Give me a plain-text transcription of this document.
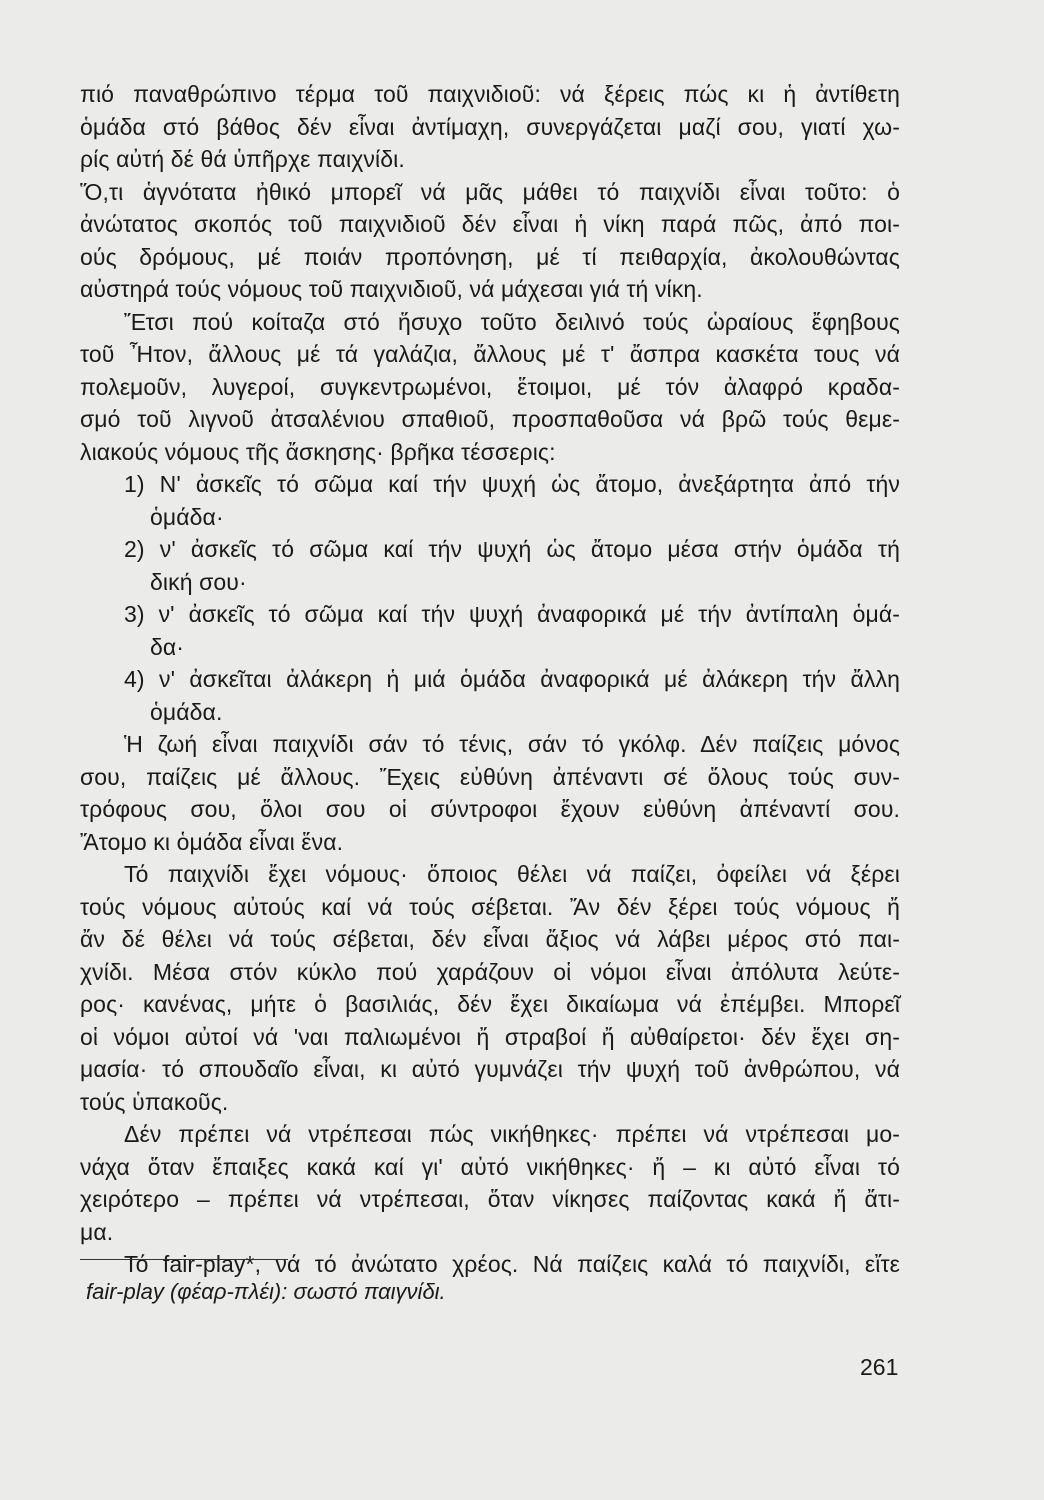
πιό παναθρώπινο τέρμα τοῦ παιχνιδιοῦ: νά ξέρεις πώς κι ἡ ἀντίθετη
ὁμάδα στό βάθος δέν εἶναι ἀντίμαχη, συνεργάζεται μαζί σου, γιατί χω-
ρίς αὐτή δέ θά ὑπῆρχε παιχνίδι.
Ὅ,τι ἁγνότατα ἠθικό μπορεῖ νά μᾶς μάθει τό παιχνίδι εἶναι τοῦτο: ὁ
ἀνώτατος σκοπός τοῦ παιχνιδιοῦ δέν εἶναι ἡ νίκη παρά πῶς, ἀπό ποι-
ούς δρόμους, μέ ποιάν προπόνηση, μέ τί πειθαρχία, ἀκολουθώντας
αὐστηρά τούς νόμους τοῦ παιχνιδιοῦ, νά μάχεσαι γιά τή νίκη.
Ἔτσι πού κοίταζα στό ἥσυχο τοῦτο δειλινό τούς ὡραίους ἔφηβους
τοῦ Ἦτον, ἄλλους μέ τά γαλάζια, ἄλλους μέ τ' ἄσπρα κασκέτα τους νά
πολεμοῦν, λυγεροί, συγκεντρωμένοι, ἕτοιμοι, μέ τόν ἀλαφρό κραδα-
σμό τοῦ λιγνοῦ ἀτσαλένιου σπαθιοῦ, προσπαθοῦσα νά βρῶ τούς θεμε-
λιακούς νόμους τῆς ἄσκησης· βρῆκα τέσσερις:
1) Ν' ἀσκεῖς τό σῶμα καί τήν ψυχή ὡς ἄτομο, ἀνεξάρτητα ἀπό τήν
ὁμάδα·
2) ν' ἀσκεῖς τό σῶμα καί τήν ψυχή ὡς ἄτομο μέσα στήν ὁμάδα τή
δική σου·
3) ν' ἀσκεῖς τό σῶμα καί τήν ψυχή ἀναφορικά μέ τήν ἀντίπαλη ὁμά-
δα·
4) ν' ἀσκεῖται ἀλάκερη ἡ μιά ὁμάδα ἀναφορικά μέ ἀλάκερη τήν ἄλλη
ὁμάδα.
Ἡ ζωή εἶναι παιχνίδι σάν τό τένις, σάν τό γκόλφ. Δέν παίζεις μόνος
σου, παίζεις μέ ἄλλους. Ἔχεις εὐθύνη ἀπέναντι σέ ὅλους τούς συν-
τρόφους σου, ὅλοι σου οἱ σύντροφοι ἔχουν εὐθύνη ἀπέναντί σου.
Ἄτομο κι ὁμάδα εἶναι ἕνα.
Τό παιχνίδι ἔχει νόμους· ὅποιος θέλει νά παίζει, ὀφείλει νά ξέρει
τούς νόμους αὐτούς καί νά τούς σέβεται. Ἄν δέν ξέρει τούς νόμους ἤ
ἄν δέ θέλει νά τούς σέβεται, δέν εἶναι ἄξιος νά λάβει μέρος στό παι-
χνίδι. Μέσα στόν κύκλο πού χαράζουν οἱ νόμοι εἶναι ἀπόλυτα λεύτε-
ρος· κανένας, μήτε ὁ βασιλιάς, δέν ἔχει δικαίωμα νά ἐπέμβει. Μπορεῖ
οἱ νόμοι αὐτοί νά 'ναι παλιωμένοι ἤ στραβοί ἤ αὐθαίρετοι· δέν ἔχει ση-
μασία· τό σπουδαῖο εἶναι, κι αὐτό γυμνάζει τήν ψυχή τοῦ ἀνθρώπου, νά
τούς ὑπακοῦς.
Δέν πρέπει νά ντρέπεσαι πώς νικήθηκες· πρέπει νά ντρέπεσαι μο-
νάχα ὅταν ἔπαιξες κακά καί γι' αὐτό νικήθηκες· ἤ – κι αὐτό εἶναι τό
χειρότερο – πρέπει νά ντρέπεσαι, ὅταν νίκησες παίζοντας κακά ἤ ἄτι-
μα.
Τό fair-play*, νά τό ἀνώτατο χρέος. Νά παίζεις καλά τό παιχνίδι, εἴτε
fair-play (φέαρ-πλέι): σωστό παιγνίδι.
261
